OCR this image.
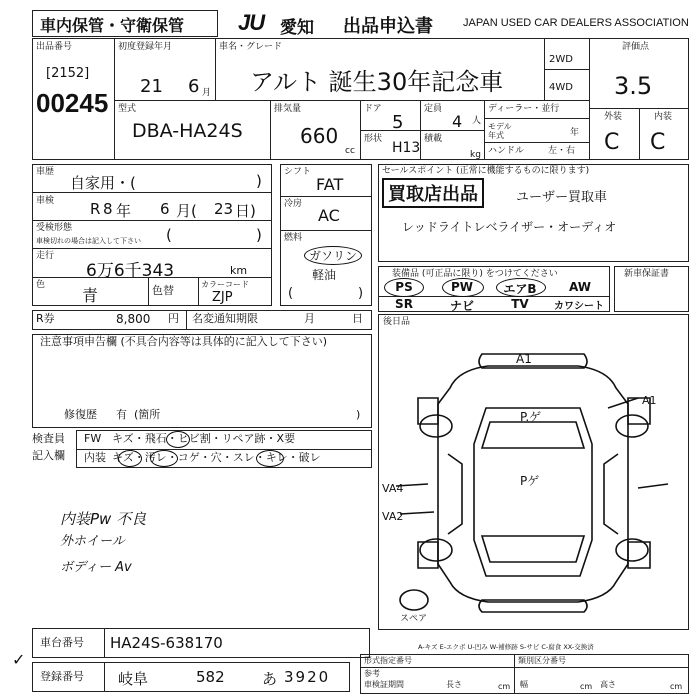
車内保管・守衛保管 JU 愛知 出品申込書	JAPAN USED CAR DEALERS ASSOCIATION
出品番号
[2152]
00245
初度登録年月
21 6 月
車名・グレード
アルト 誕生30年記念車
2WD
4WD
評価点
3.5
外装	内装
C C
型式
DBA-HA24S
排気量
660
cc
ドア
5
形状
H13
定員
4 人
積載
kg
ディーラー・並行
モデル年式	年
ハンドル	左・右
車歴
自家用・(	)
車検 R 8 年 6 月( 23 日)
受検形態
車検切れの場合は記入して下さい (	)
走行
6万6千343	km
色
青	色替	カラーコード
ZJP
シフト
FAT
冷房
AC
燃料
ガソリン
軽油
(	)
R券	8,800 円 名変通知期限	月	日
注意事項申告欄 (不具合内容等は具体的に記入して下さい)
修復歴 有 (箇所	)
検査員
記入欄
FW キズ・飛石・ヒビ割・リペア跡・X要
内装 キズ・汚レ・コゲ・穴・スレ・キレ・破レ
内装Pw 不良
外ホイール
ボディー Av
セールスポイント (正常に機能するものに限ります)
買取店出品	ユーザー買取車
レッドライトレベライザー・オーディオ
装備品 (可正品に限り) をつけてください
PS	PW	エアB	AW
SR	ナビ	TV	カワシート
新車保証書
後日品
A1
A1
P.ゲ
Pゲ
VA4
VA2
スペア
車台番号 HA24S-638170
登録番号 岐阜	582 あ 3920
✓
A-キズ E-エクボ U-凹み W-補修跡 S-サビ C-腐食 XX-交換済
形式指定番号	類別区分番号
参考
車検証期間	長さ	cm 幅	cm 高さ	cm
